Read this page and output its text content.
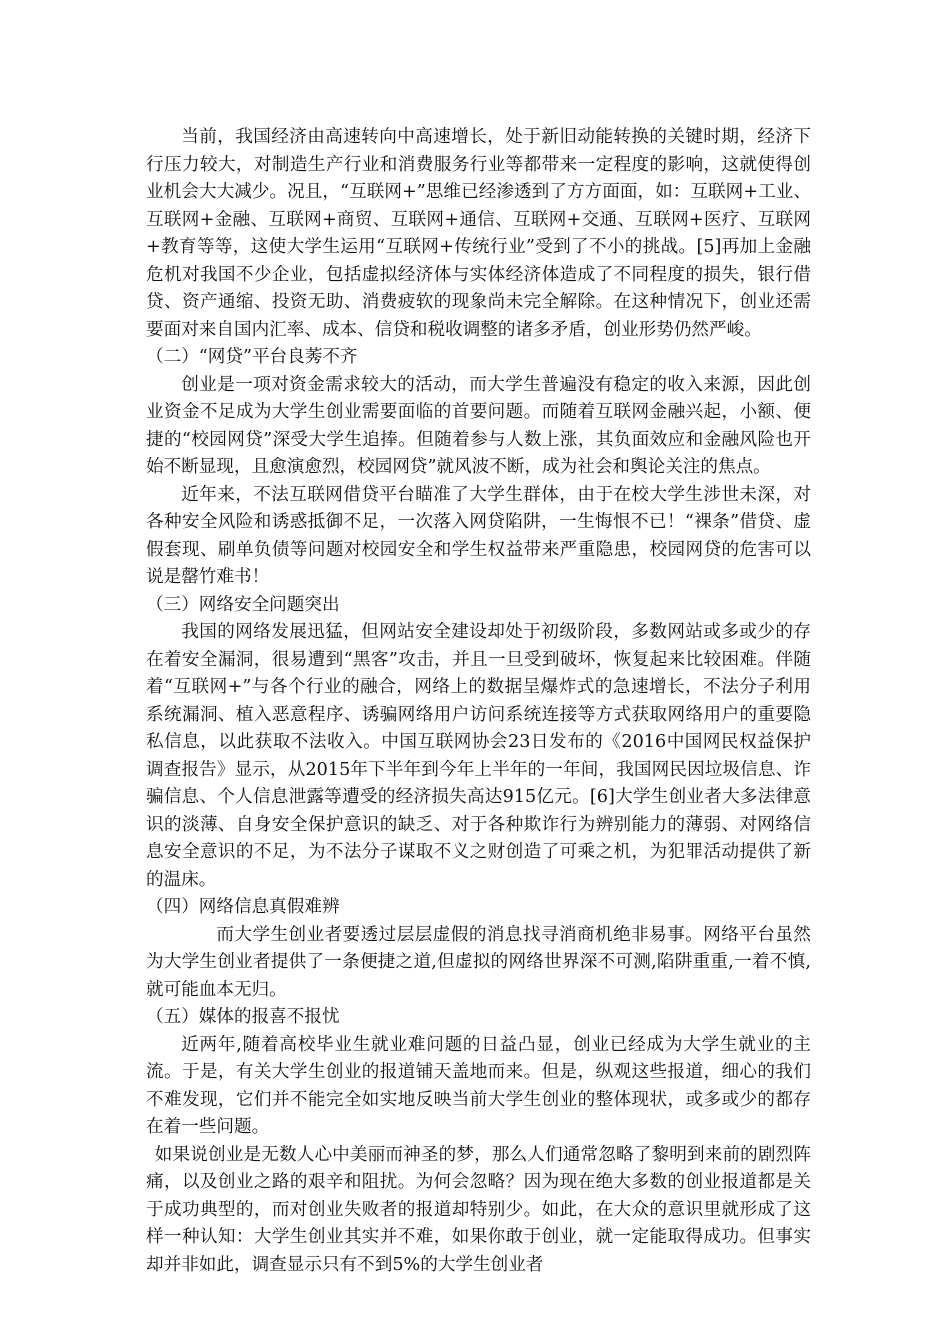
当前，我国经济由高速转向中高速增长，处于新旧动能转换的关键时期，经济下行压力较大，对制造生产行业和消费服务行业等都带来一定程度的影响，这就使得创业机会大大减少。况且，“互联网+”思维已经渗透到了方方面面，如：互联网+工业、互联网+金融、互联网+商贸、互联网+通信、互联网+交通、互联网+医疗、互联网+教育等等，这使大学生运用“互联网+传统行业”受到了不小的挑战。[5]再加上金融危机对我国不少企业，包括虚拟经济体与实体经济体造成了不同程度的损失，银行借贷、资产通缩、投资无助、消费疲软的现象尚未完全解除。在这种情况下，创业还需要面对来自国内汇率、成本、信贷和税收调整的诸多矛盾，创业形势仍然严峻。

（二）“网贷”平台良莠不齐

创业是一项对资金需求较大的活动，而大学生普遍没有稳定的收入来源，因此创业资金不足成为大学生创业需要面临的首要问题。而随着互联网金融兴起，小额、便捷的“校园网贷”深受大学生追捧。但随着参与人数上涨，其负面效应和金融风险也开始不断显现，且愈演愈烈，校园网贷”就风波不断，成为社会和舆论关注的焦点。

近年来，不法互联网借贷平台瞄准了大学生群体，由于在校大学生涉世未深，对各种安全风险和诱惑抵御不足，一次落入网贷陷阱，一生悔恨不已！“裸条”借贷、虚假套现、刷单负债等问题对校园安全和学生权益带来严重隐患，校园网贷的危害可以说是罄竹难书！

（三）网络安全问题突出

我国的网络发展迅猛，但网站安全建设却处于初级阶段，多数网站或多或少的存在着安全漏洞，很易遭到“黑客”攻击，并且一旦受到破坏，恢复起来比较困难。伴随着“互联网+”与各个行业的融合，网络上的数据呈爆炸式的急速增长，不法分子利用系统漏洞、植入恶意程序、诱骗网络用户访问系统连接等方式获取网络用户的重要隐私信息，以此获取不法收入。中国互联网协会23日发布的《2016中国网民权益保护调查报告》显示，从2015年下半年到今年上半年的一年间，我国网民因垃圾信息、诈骗信息、个人信息泄露等遭受的经济损失高达915亿元。[6]大学生创业者大多法律意识的淡薄、自身安全保护意识的缺乏、对于各种欺诈行为辨别能力的薄弱、对网络信息安全意识的不足，为不法分子谋取不义之财创造了可乘之机，为犯罪活动提供了新的温床。

（四）网络信息真假难辨

而大学生创业者要透过层层虚假的消息找寻消商机绝非易事。网络平台虽然为大学生创业者提供了一条便捷之道,但虚拟的网络世界深不可测,陷阱重重,一着不慎,就可能血本无归。

（五）媒体的报喜不报忧

近两年,随着高校毕业生就业难问题的日益凸显，创业已经成为大学生就业的主流。于是，有关大学生创业的报道铺天盖地而来。但是，纵观这些报道，细心的我们不难发现，它们并不能完全如实地反映当前大学生创业的整体现状，或多或少的都存在着一些问题。

如果说创业是无数人心中美丽而神圣的梦，那么人们通常忽略了黎明到来前的剧烈阵痛，以及创业之路的艰辛和阻扰。为何会忽略？因为现在绝大多数的创业报道都是关于成功典型的，而对创业失败者的报道却特别少。如此，在大众的意识里就形成了这样一种认知：大学生创业其实并不难，如果你敢于创业，就一定能取得成功。但事实却并非如此，调查显示只有不到5%的大学生创业者
